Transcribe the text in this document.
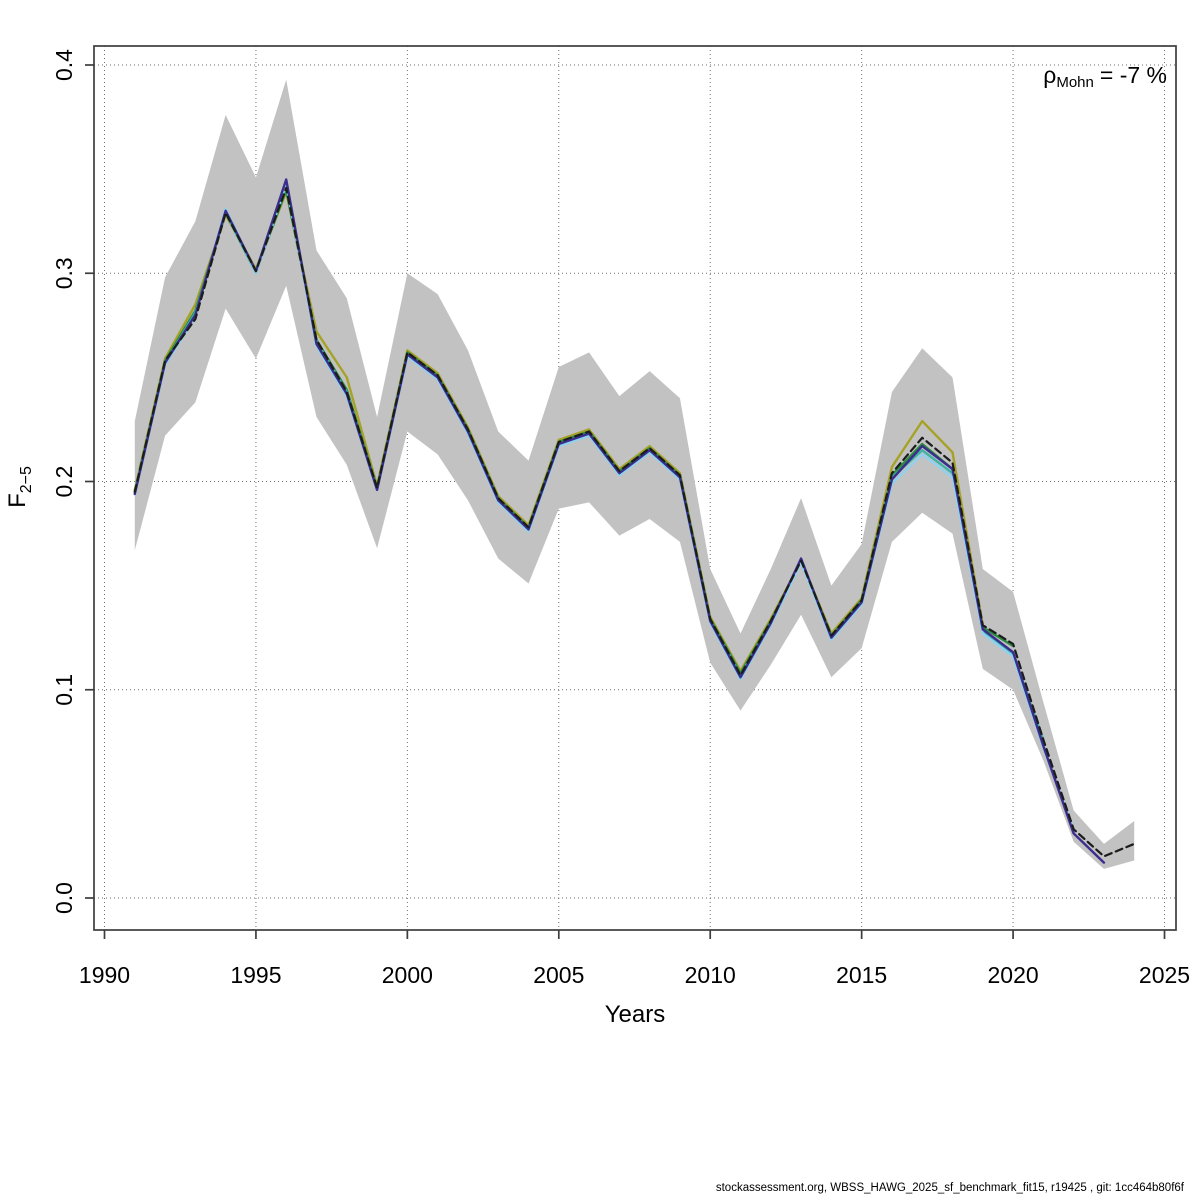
1990	1995	2000	2005	2010	2015	2020	2025
0.0
0.1
0.2
0.3
0.4	ρMohn = -7 %
Years
$F_{2-5}$
stockassessment.org, WBSS_HAWG_2025_sf_benchmark_fit15, r19425 , git: 1cc464b80f6f
